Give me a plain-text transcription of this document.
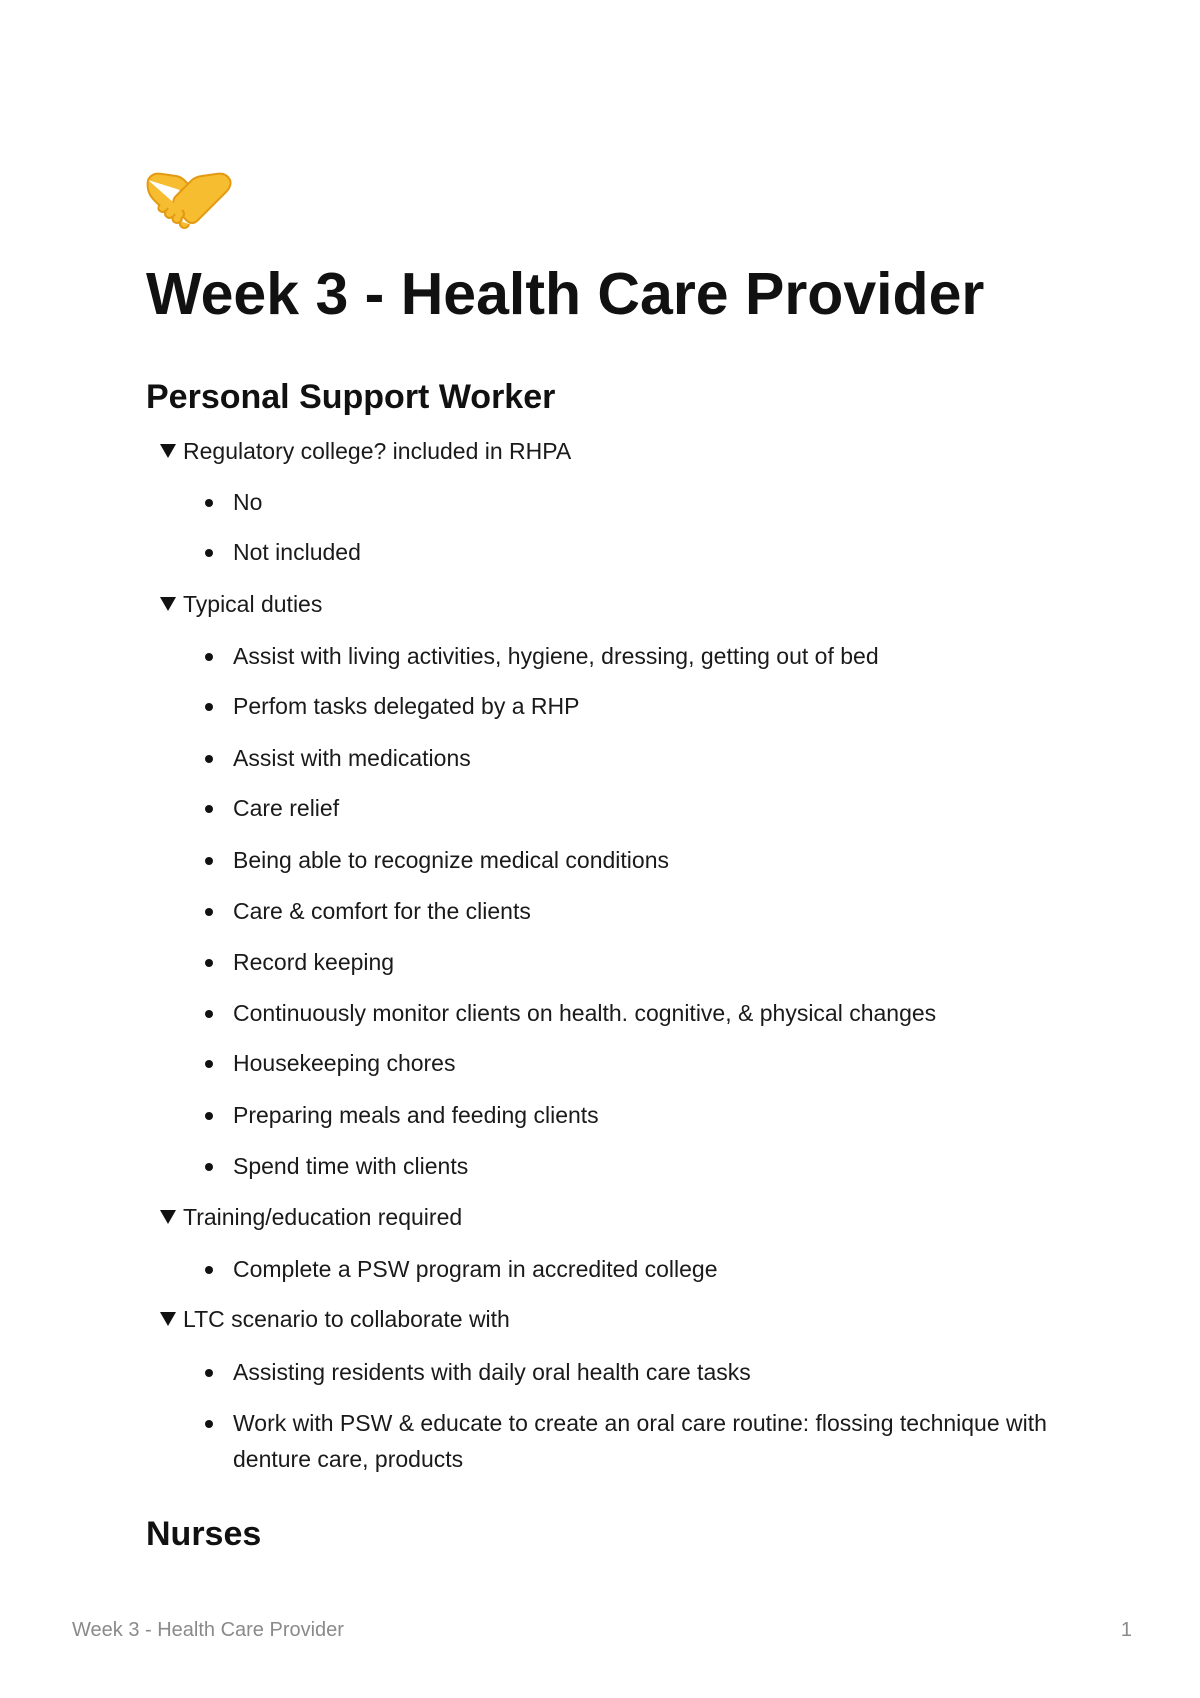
Week 3 - Health Care Provider
Personal Support Worker
Regulatory college? included in RHPA
No
Not included
Typical duties
Assist with living activities, hygiene, dressing, getting out of bed
Perfom tasks delegated by a RHP
Assist with medications
Care relief
Being able to recognize medical conditions
Care & comfort for the clients
Record keeping
Continuously monitor clients on health. cognitive, & physical changes
Housekeeping chores
Preparing meals and feeding clients
Spend time with clients
Training/education required
Complete a PSW program in accredited college
LTC scenario to collaborate with
Assisting residents with daily oral health care tasks
Work with PSW & educate to create an oral care routine: flossing technique with denture care, products
Nurses
Week 3 - Health Care Provider	1
